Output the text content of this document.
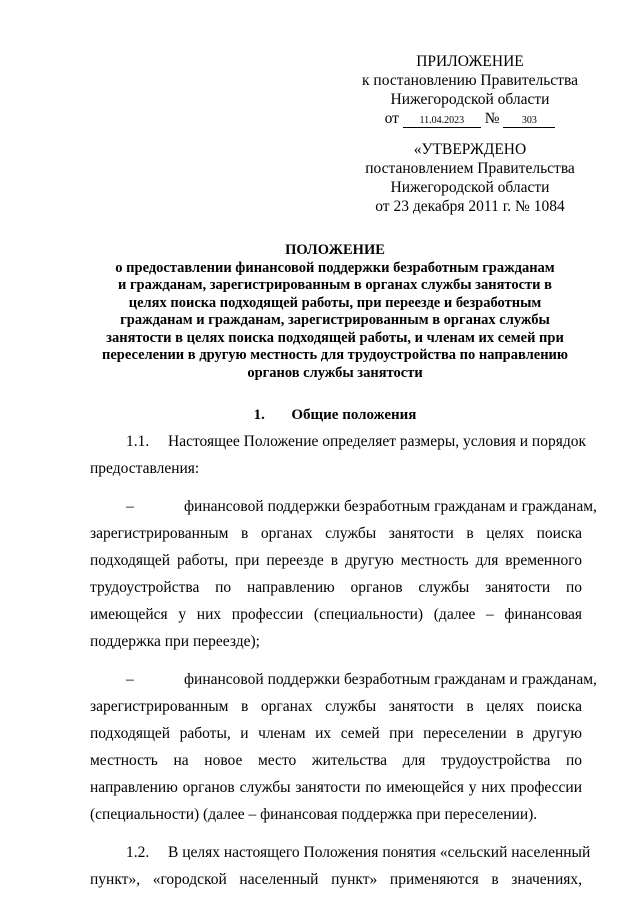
ПРИЛОЖЕНИЕ
к постановлению Правительства
Нижегородской области
от 11.04.2023 № 303
«УТВЕРЖДЕНО
постановлением Правительства
Нижегородской области
от 23 декабря 2011 г. № 1084
ПОЛОЖЕНИЕ
о предоставлении финансовой поддержки безработным гражданам
и гражданам, зарегистрированным в органах службы занятости в
целях поиска подходящей работы, при переезде и безработным
гражданам и гражданам, зарегистрированным в органах службы
занятости в целях поиска подходящей работы, и членам их семей при
переселении в другую местность для трудоустройства по направлению
органов службы занятости
1. Общие положения
1.1. Настоящее Положение определяет размеры, условия и порядок
предоставления:
–	финансовой поддержки безработным гражданам и гражданам,
зарегистрированным в органах службы занятости в целях поиска
подходящей работы, при переезде в другую местность для временного
трудоустройства по направлению органов службы занятости по
имеющейся у них профессии (специальности) (далее – финансовая
поддержка при переезде);
–	финансовой поддержки безработным гражданам и гражданам,
зарегистрированным в органах службы занятости в целях поиска
подходящей работы, и членам их семей при переселении в другую
местность на новое место жительства для трудоустройства по
направлению органов службы занятости по имеющейся у них профессии
(специальности) (далее – финансовая поддержка при переселении).
1.2. В целях настоящего Положения понятия «сельский населенный
пункт», «городской населенный пункт» применяются в значениях,
